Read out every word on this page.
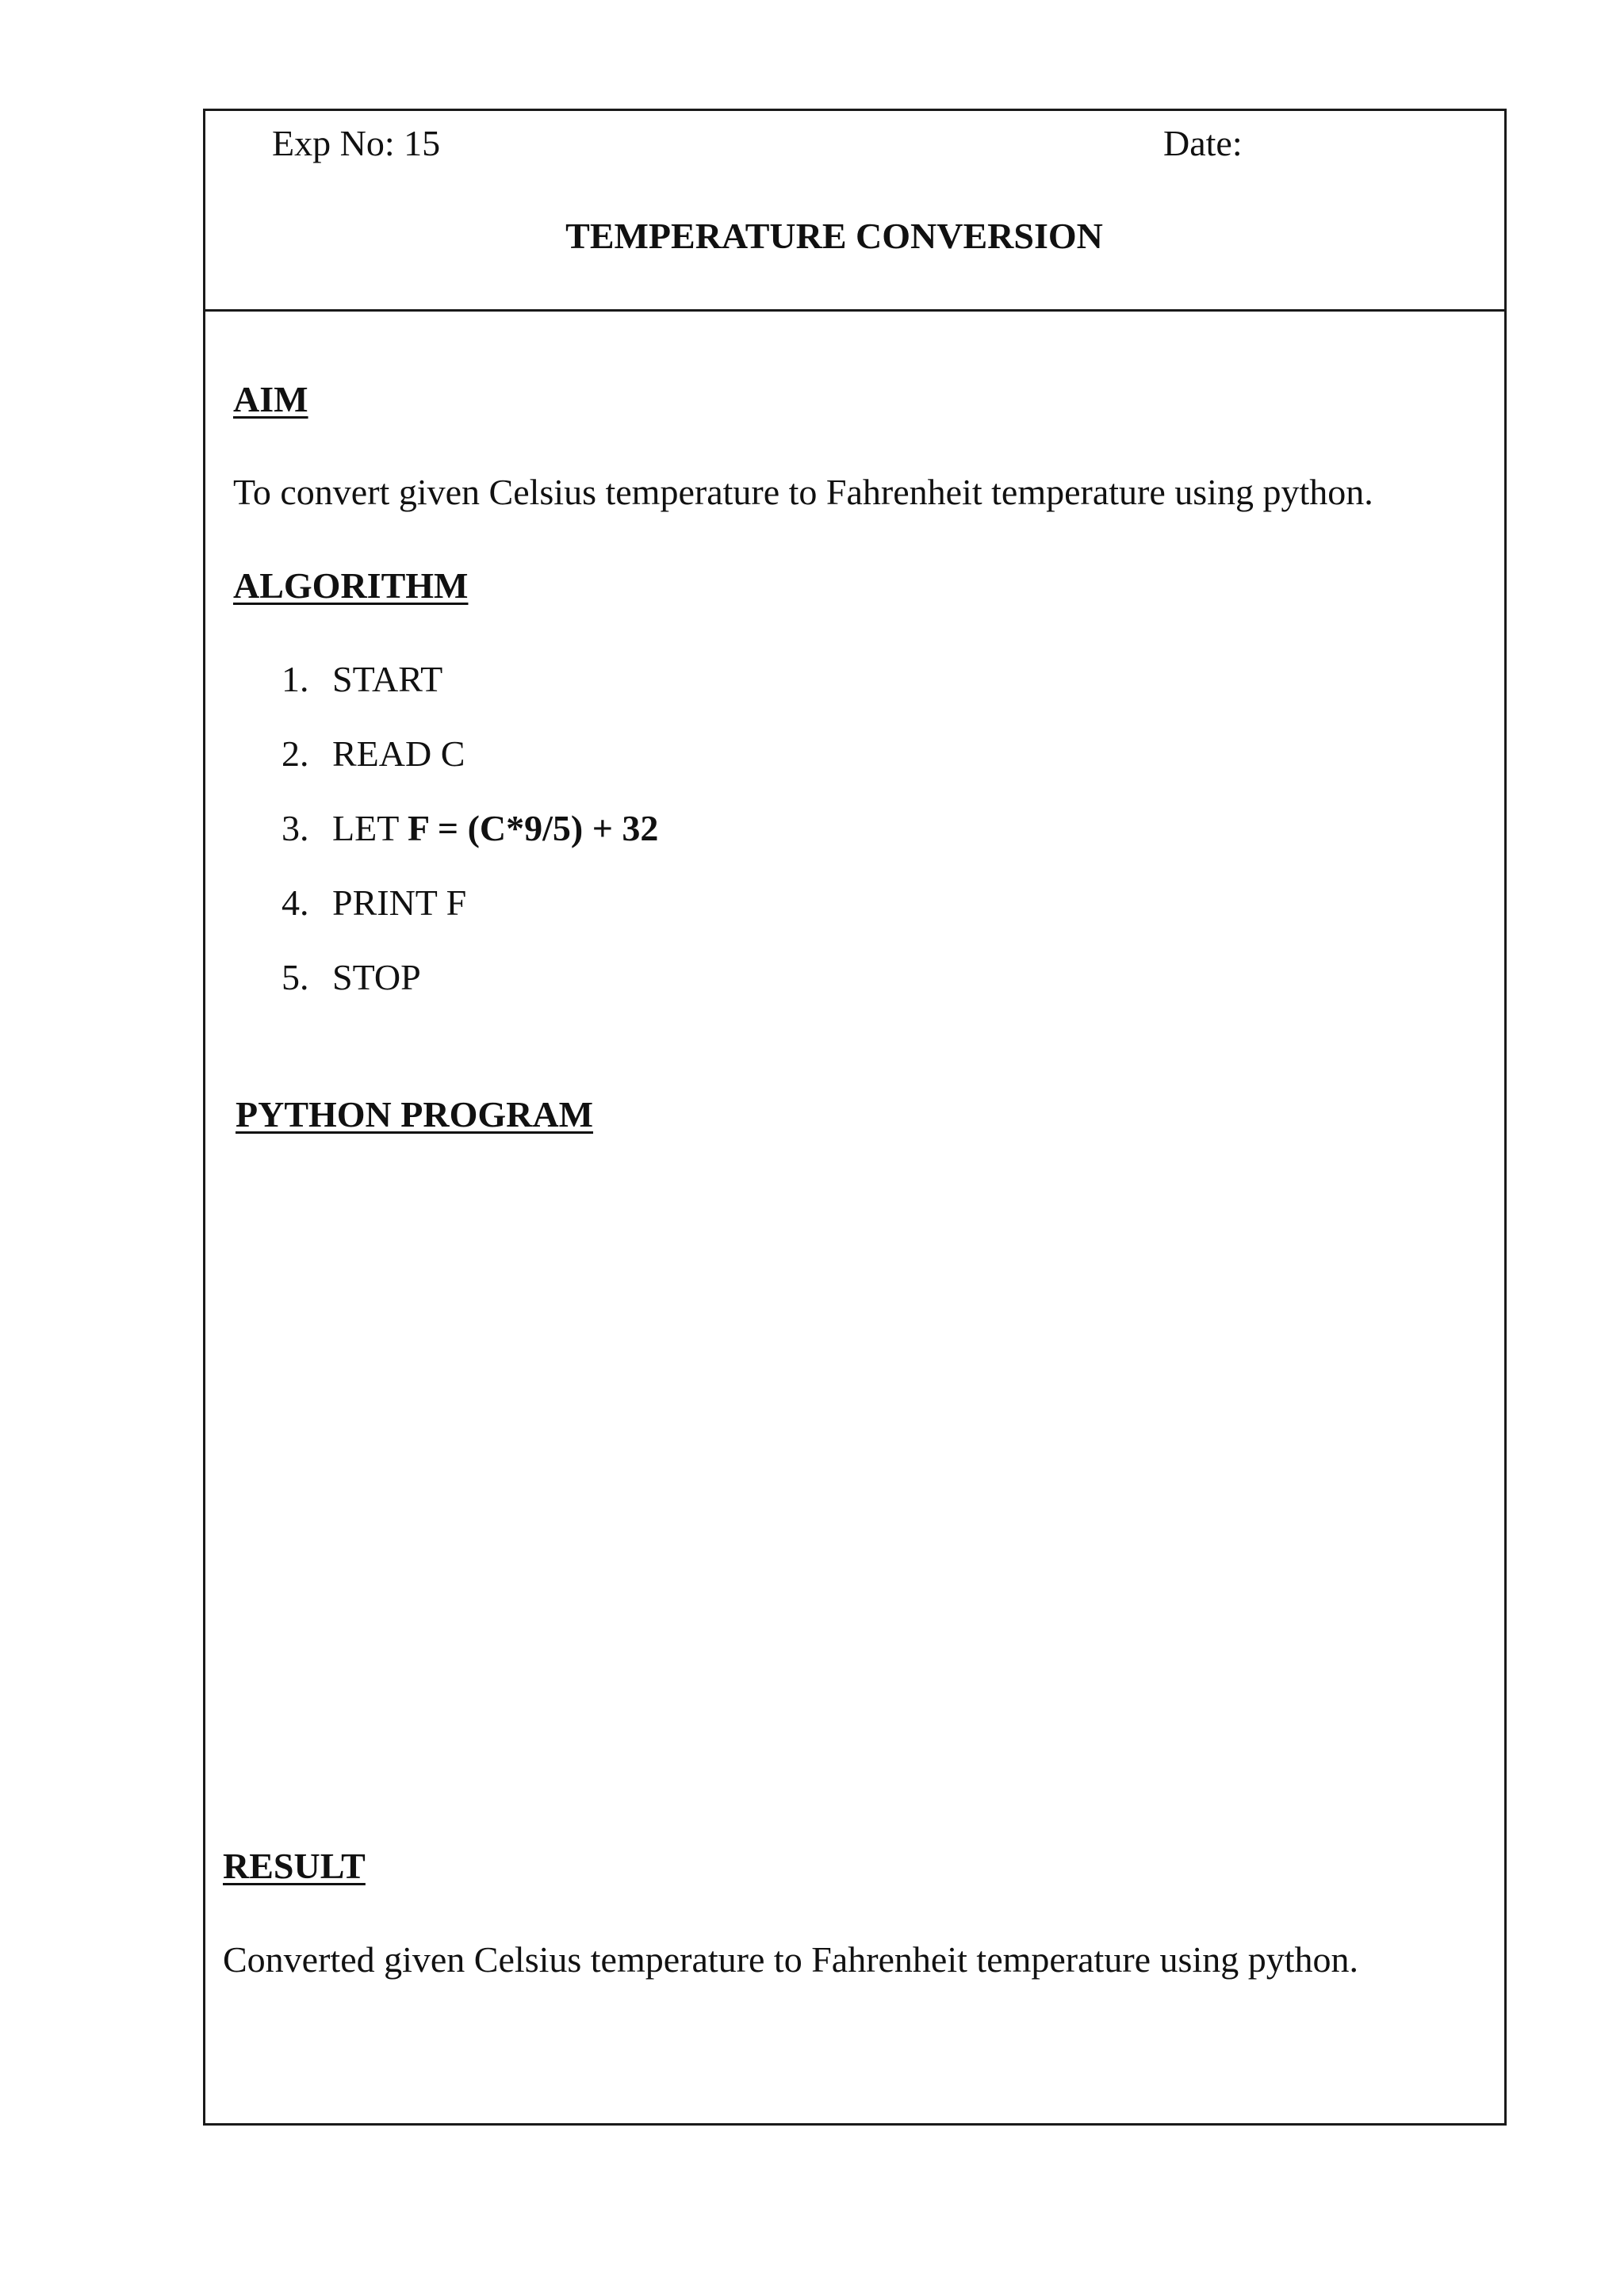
Exp No: 15	Date:
TEMPERATURE CONVERSION
AIM
To convert given Celsius temperature to Fahrenheit temperature using python.
ALGORITHM
1. START
2. READ C
3. LET F = (C*9/5) + 32
4. PRINT F
5. STOP
PYTHON PROGRAM
RESULT
Converted given Celsius temperature to Fahrenheit temperature using python.
